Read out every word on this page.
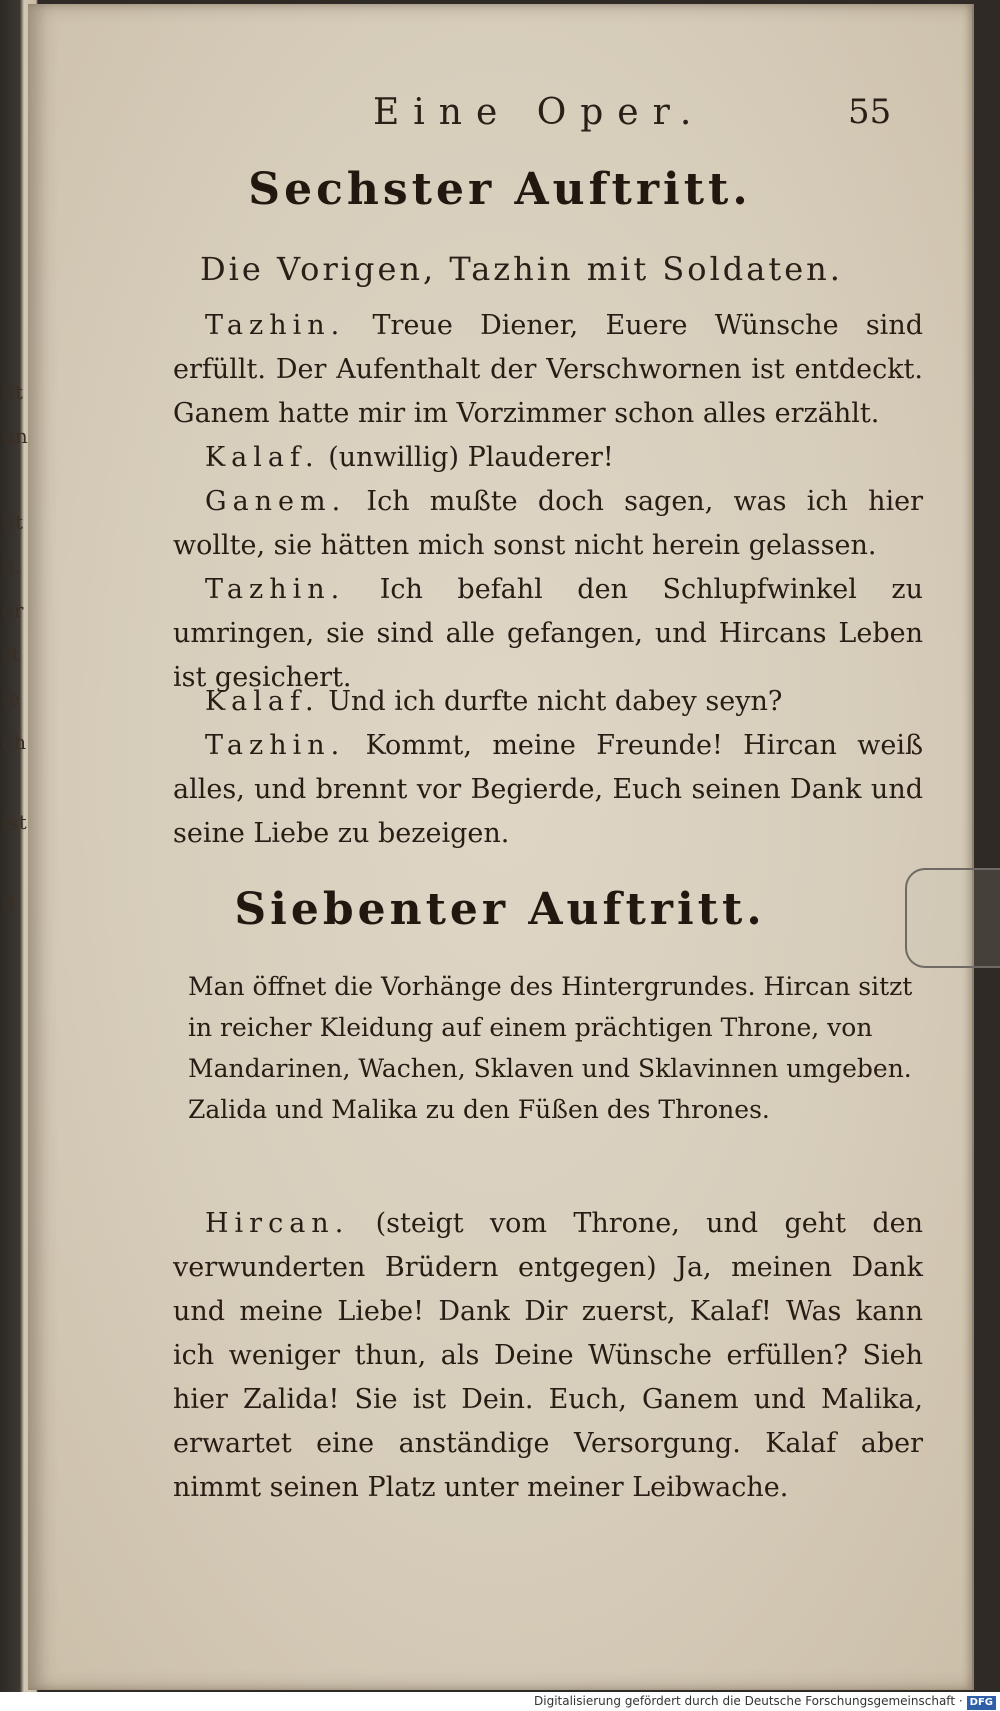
ht
un
ht
h.
er
rt
ie
ch
ist
d
Eine Oper.	55
Sechster Auftritt.
Die Vorigen, Tazhin mit Soldaten.

Tazhin. Treue Diener, Euere Wünsche sind erfüllt. Der Aufenthalt der Verschwornen ist entdeckt. Ganem hatte mir im Vorzimmer schon alles erzählt.

Kalaf. (unwillig) Plauderer!

Ganem. Ich mußte doch sagen, was ich hier wollte, sie hätten mich sonst nicht herein gelassen.

Tazhin. Ich befahl den Schlupfwinkel zu umringen, sie sind alle gefangen, und Hircans Leben ist gesichert.

Kalaf. Und ich durfte nicht dabey seyn?

Tazhin. Kommt, meine Freunde! Hircan weiß alles, und brennt vor Begierde, Euch seinen Dank und seine Liebe zu bezeigen.

Siebenter Auftritt.

Man öffnet die Vorhänge des Hintergrundes. Hircan sitzt in reicher Kleidung auf einem prächtigen Throne, von Mandarinen, Wachen, Sklaven und Sklavinnen umgeben. Zalida und Malika zu den Füßen des Thrones.

Hircan. (steigt vom Throne, und geht den verwunderten Brüdern entgegen) Ja, meinen Dank und meine Liebe! Dank Dir zuerst, Kalaf! Was kann ich weniger thun, als Deine Wünsche erfüllen? Sieh hier Zalida! Sie ist Dein. Euch, Ganem und Malika, erwartet eine anständige Versorgung. Kalaf aber nimmt seinen Platz unter meiner Leibwache.

Digitalisierung gefördert durch die Deutsche Forschungsgemeinschaft · DFG
